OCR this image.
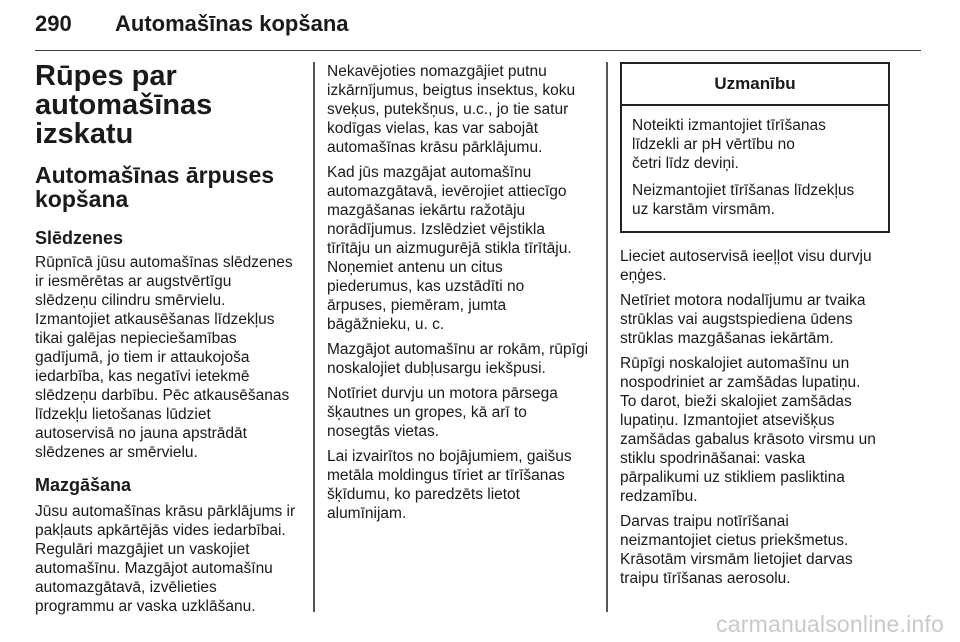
290 Automašīnas kopšana
Rūpes par automašīnas
izskatu
Automašīnas ārpuses
kopšana
Slēdzenes
Rūpnīcā jūsu automašīnas slēdzenes
ir iesmērētas ar augstvērtīgu
slēdzeņu cilindru smērvielu.
Izmantojiet atkausēšanas līdzekļus
tikai galējas nepieciešamības
gadījumā, jo tiem ir attaukojoša
iedarbība, kas negatīvi ietekmē
slēdzeņu darbību. Pēc atkausēšanas
līdzekļu lietošanas lūdziet
autoservisā no jauna apstrādāt
slēdzenes ar smērvielu.
Mazgāšana
Jūsu automašīnas krāsu pārklājums ir
pakļauts apkārtējās vides iedarbībai.
Regulāri mazgājiet un vaskojiet
automašīnu. Mazgājot automašīnu
automazgātavā, izvēlieties
programmu ar vaska uzklāšanu.
Nekavējoties nomazgājiet putnu
izkārnījumus, beigtus insektus, koku
sveķus, putekšņus, u.c., jo tie satur
kodīgas vielas, kas var sabojāt
automašīnas krāsu pārklājumu.
Kad jūs mazgājat automašīnu
automazgātavā, ievērojiet attiecīgo
mazgāšanas iekārtu ražotāju
norādījumus. Izslēdziet vējstikla
tīrītāju un aizmugurējā stikla tīrītāju.
Noņemiet antenu un citus
piederumus, kas uzstādīti no
ārpuses, piemēram, jumta
bāgāžnieku, u. c.
Mazgājot automašīnu ar rokām, rūpīgi
noskalojiet dubļusargu iekšpusi.
Notīriet durvju un motora pārsega
šķautnes un gropes, kā arī to
nosegtās vietas.
Lai izvairītos no bojājumiem, gaišus
metāla moldingus tīriet ar tīrīšanas
šķīdumu, ko paredzēts lietot
alumīnijam.
Uzmanību
Noteikti izmantojiet tīrīšanas
līdzekli ar pH vērtību no
četri līdz deviņi.
Neizmantojiet tīrīšanas līdzekļus
uz karstām virsmām.
Lieciet autoservisā ieeļļot visu durvju
eņģes.
Netīriet motora nodalījumu ar tvaika
strūklas vai augstspiediena ūdens
strūklas mazgāšanas iekārtām.
Rūpīgi noskalojiet automašīnu un
nospodriniet ar zamšādas lupatiņu.
To darot, bieži skalojiet zamšādas
lupatiņu. Izmantojiet atsevišķus
zamšādas gabalus krāsoto virsmu un
stiklu spodrināšanai: vaska
pārpalikumi uz stikliem pasliktina
redzamību.
Darvas traipu notīrīšanai
neizmantojiet cietus priekšmetus.
Krāsotām virsmām lietojiet darvas
traipu tīrīšanas aerosolu.
carmanualsonline.info
